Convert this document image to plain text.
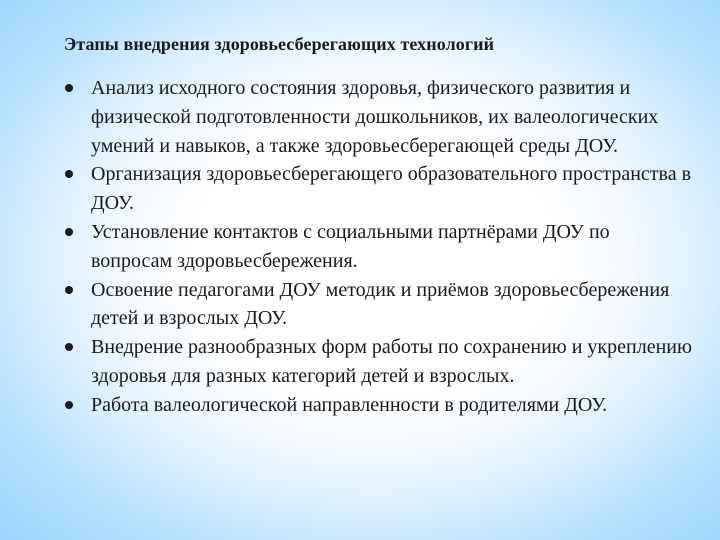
Этапы внедрения здоровьесберегающих технологий
Анализ исходного состояния здоровья, физического развития и физической подготовленности дошкольников, их валеологических умений и навыков, а также здоровьесберегающей среды ДОУ.
Организация здоровьесберегающего образовательного пространства в ДОУ.
Установление контактов с социальными партнёрами ДОУ по вопросам здоровьесбережения.
Освоение педагогами ДОУ методик и приёмов здоровьесбережения детей и взрослых ДОУ.
Внедрение разнообразных форм работы по сохранению и укреплению здоровья для разных категорий детей и взрослых.
Работа валеологической направленности в родителями ДОУ.
